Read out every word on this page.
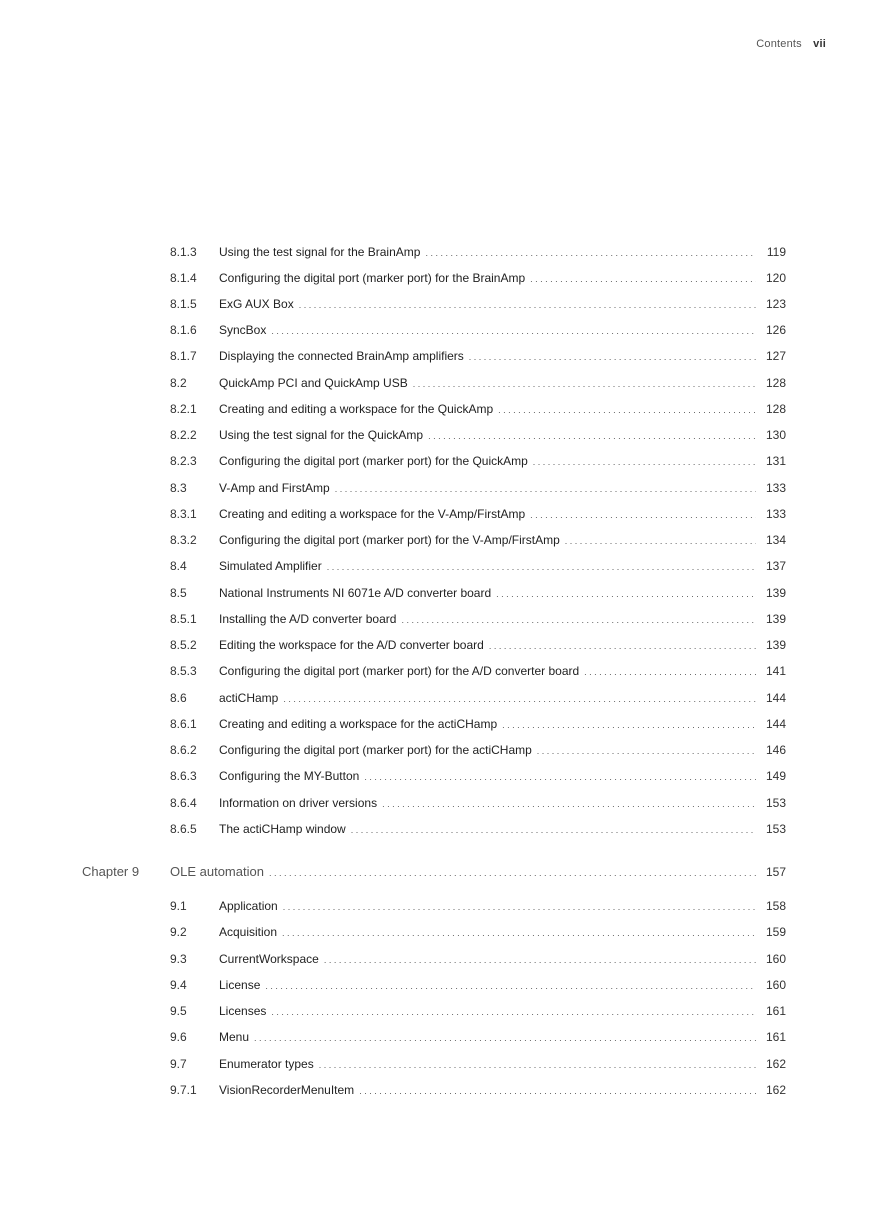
Contents vii
8.1.3	Using the test signal for the BrainAmp . . .	119
8.1.4	Configuring the digital port (marker port) for the BrainAmp . . .	120
8.1.5	ExG AUX Box . . .	123
8.1.6	SyncBox . . .	126
8.1.7	Displaying the connected BrainAmp amplifiers . . .	127
8.2	QuickAmp PCI and QuickAmp USB . . .	128
8.2.1	Creating and editing a workspace for the QuickAmp . . .	128
8.2.2	Using the test signal for the QuickAmp . . .	130
8.2.3	Configuring the digital port (marker port) for the QuickAmp . . .	131
8.3	V-Amp and FirstAmp . . .	133
8.3.1	Creating and editing a workspace for the V-Amp/FirstAmp . . .	133
8.3.2	Configuring the digital port (marker port) for the V-Amp/FirstAmp . . .	134
8.4	Simulated Amplifier . . .	137
8.5	National Instruments NI 6071e A/D converter board . . .	139
8.5.1	Installing the A/D converter board . . .	139
8.5.2	Editing the workspace for the A/D converter board . . .	139
8.5.3	Configuring the digital port (marker port) for the A/D converter board . . .	141
8.6	actiCHamp . . .	144
8.6.1	Creating and editing a workspace for the actiCHamp . . .	144
8.6.2	Configuring the digital port (marker port) for the actiCHamp . . .	146
8.6.3	Configuring the MY-Button . . .	149
8.6.4	Information on driver versions . . .	153
8.6.5	The actiCHamp window . . .	153
Chapter 9	OLE automation . . .	157
9.1	Application . . .	158
9.2	Acquisition . . .	159
9.3	CurrentWorkspace . . .	160
9.4	License . . .	160
9.5	Licenses . . .	161
9.6	Menu . . .	161
9.7	Enumerator types . . .	162
9.7.1	VisionRecorderMenuItem . . .	162
